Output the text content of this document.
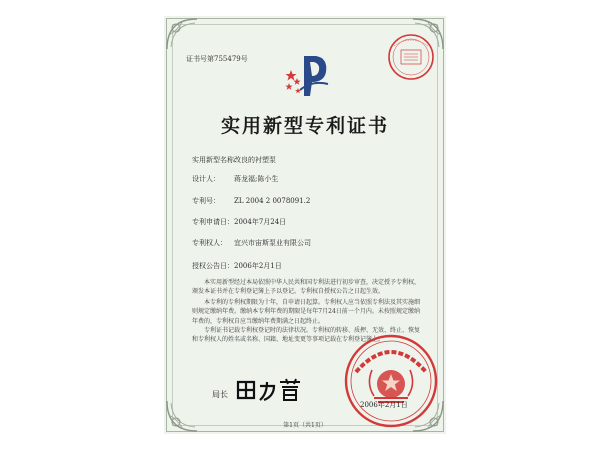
证书号第755479号
实用新型专利证书
实用新型名称：改良的衬塑泵
设计人： 蒋龙福;陈小生
专利号： ZL 2004 2 0078091.2
专利申请日：2004年7月24日
专利权人： 宜兴市宙斯泵业有限公司
授权公告日：2006年2月1日
本实用新型经过本局依照中华人民共和国专利法进行初步审查，决定授予专利权，颁发本证书并在专利登记簿上予以登记。专利权自授权公告之日起生效。
本专利的专利权期限为十年，自申请日起算。专利权人应当依照专利法及其实施细则规定缴纳年费。缴纳本专利年费的期限是每年7月24日前一个月内。未按照规定缴纳年费的，专利权自应当缴纳年费期满之日起终止。
专利证书记载专利权登记时的法律状况。专利权的转移、质押、无效、终止、恢复和专利权人的姓名或名称、国籍、地址变更等事项记载在专利登记簿上。
局长
2006年2月1日
第1页（共1页）
